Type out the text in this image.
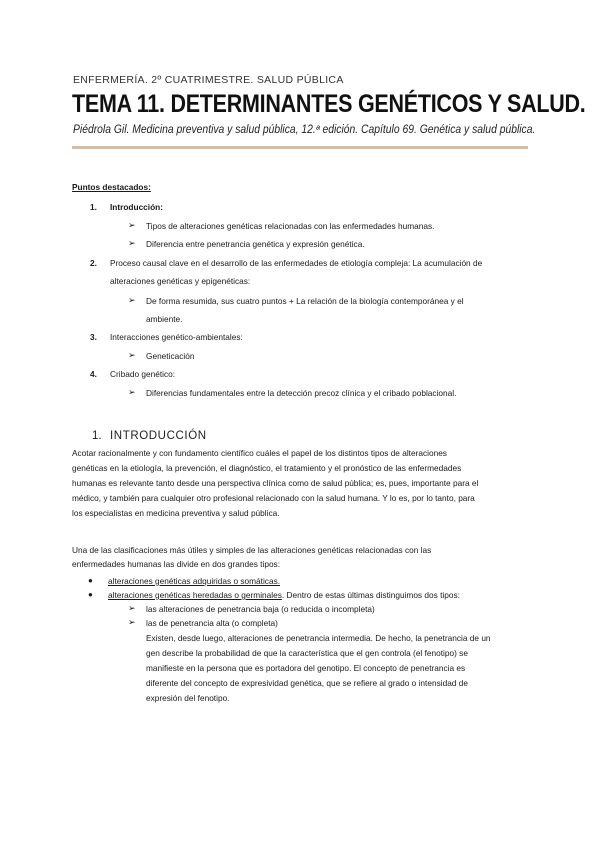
ENFERMERÍA. 2º CUATRIMESTRE. SALUD PÚBLICA
TEMA 11. DETERMINANTES GENÉTICOS Y SALUD.
Piédrola Gil. Medicina preventiva y salud pública, 12.ª edición. Capítulo 69. Genética y salud pública.
Puntos destacados:
1. Introducción:
➢ Tipos de alteraciones genéticas relacionadas con las enfermedades humanas.
➢ Diferencia entre penetrancia genética y expresión genética.
2. Proceso causal clave en el desarrollo de las enfermedades de etiología compleja: La acumulación de
alteraciones genéticas y epigenéticas:
➢ De forma resumida, sus cuatro puntos + La relación de la biología contemporánea y el
ambiente.
3. Interacciones genético-ambientales:
➢ Geneticación
4. Cribado genético:
➢ Diferencias fundamentales entre la detección precoz clínica y el cribado poblacional.
1. INTRODUCCIÓN
Acotar racionalmente y con fundamento científico cuáles el papel de los distintos tipos de alteraciones
genéticas en la etiología, la prevención, el diagnóstico, el tratamiento y el pronóstico de las enfermedades
humanas es relevante tanto desde una perspectiva clínica como de salud pública; es, pues, importante para el
médico, y también para cualquier otro profesional relacionado con la salud humana. Y lo es, por lo tanto, para
los especialistas en medicina preventiva y salud pública.
Una de las clasificaciones más útiles y simples de las alteraciones genéticas relacionadas con las
enfermedades humanas las divide en dos grandes tipos:
● alteraciones genéticas adquiridas o somáticas.
● alteraciones genéticas heredadas o germinales. Dentro de estas últimas distinguimos dos tipos:
➢ las alteraciones de penetrancia baja (o reducida o incompleta)
➢ las de penetrancia alta (o completa)
Existen, desde luego, alteraciones de penetrancia intermedia. De hecho, la penetrancia de un
gen describe la probabilidad de que la característica que el gen controla (el fenotipo) se
manifieste en la persona que es portadora del genotipo. El concepto de penetrancia es
diferente del concepto de expresividad genética, que se refiere al grado o intensidad de
expresión del fenotipo.
